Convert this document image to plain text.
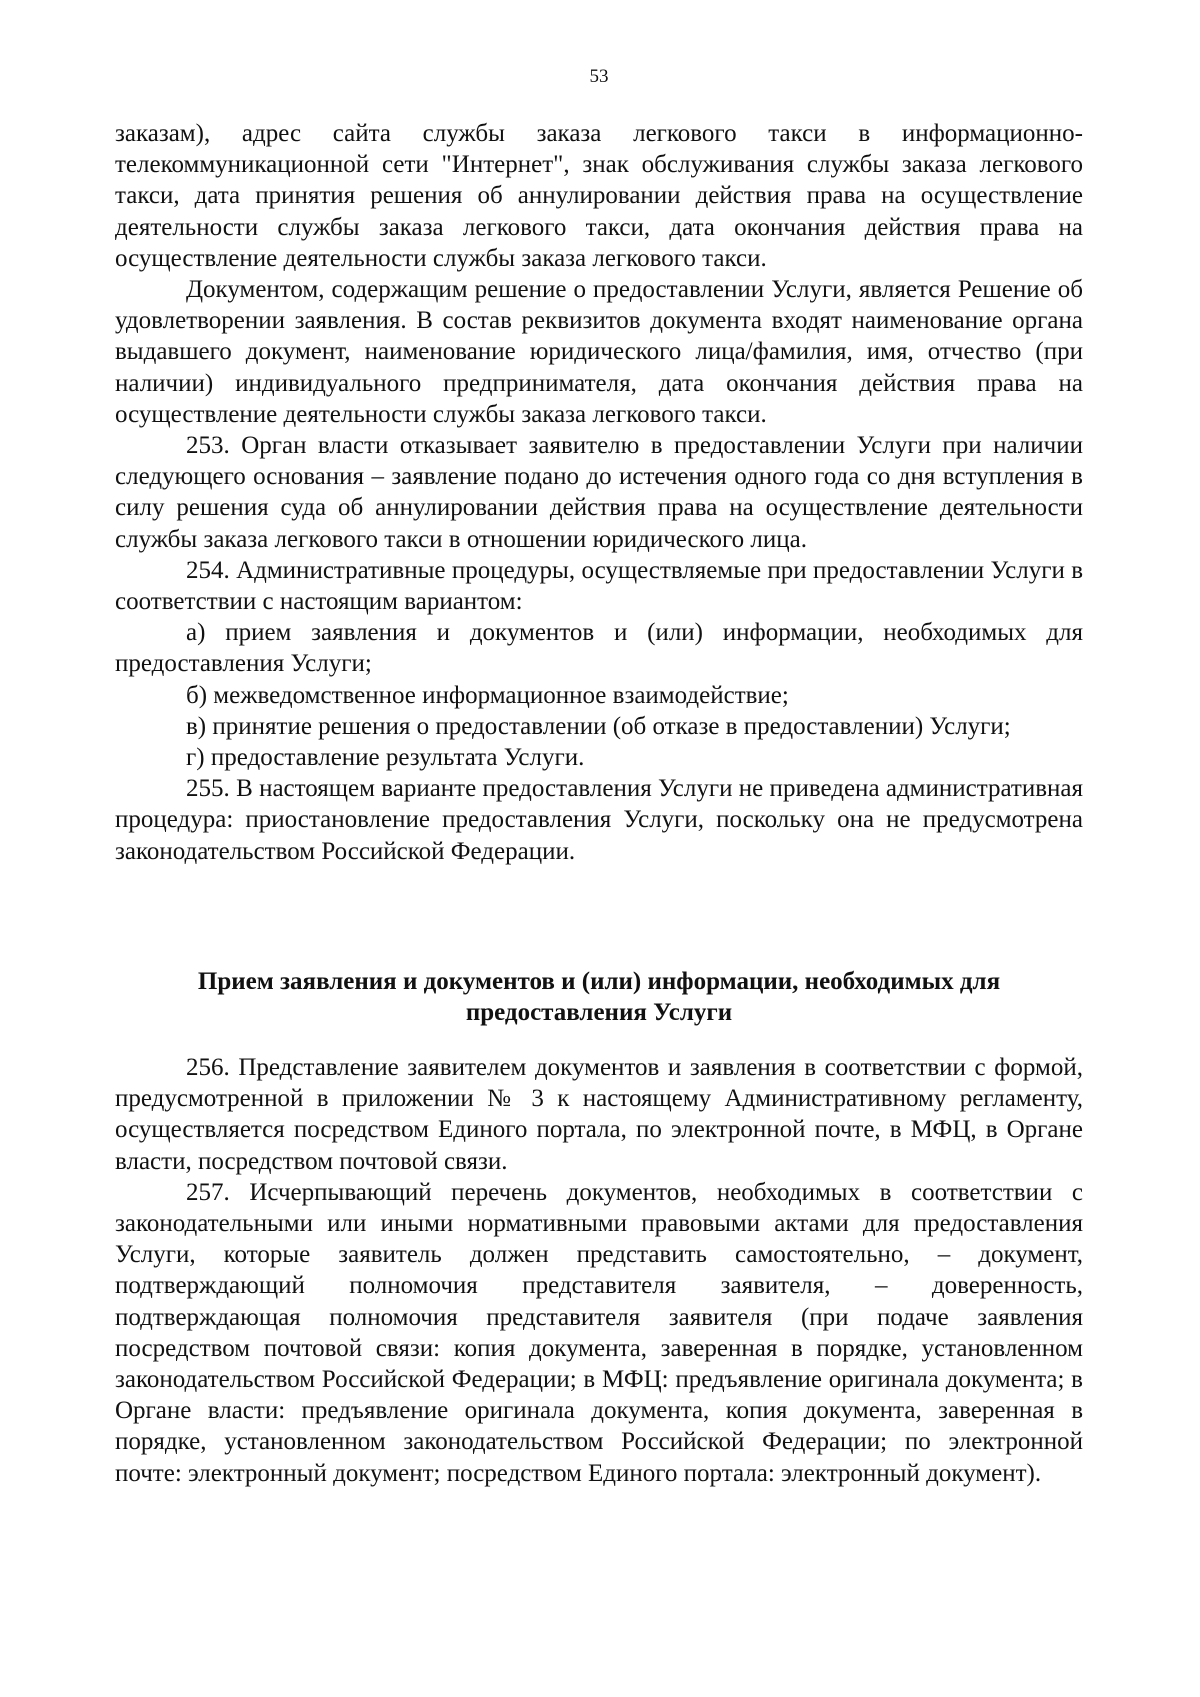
53

заказам), адрес сайта службы заказа легкового такси в информационно-телекоммуникационной сети "Интернет", знак обслуживания службы заказа легкового такси, дата принятия решения об аннулировании действия права на осуществление деятельности службы заказа легкового такси, дата окончания действия права на осуществление деятельности службы заказа легкового такси.

Документом, содержащим решение о предоставлении Услуги, является Решение об удовлетворении заявления. В состав реквизитов документа входят наименование органа выдавшего документ, наименование юридического лица/фамилия, имя, отчество (при наличии) индивидуального предпринимателя, дата окончания действия права на осуществление деятельности службы заказа легкового такси.

253. Орган власти отказывает заявителю в предоставлении Услуги при наличии следующего основания – заявление подано до истечения одного года со дня вступления в силу решения суда об аннулировании действия права на осуществление деятельности службы заказа легкового такси в отношении юридического лица.

254. Административные процедуры, осуществляемые при предоставлении Услуги в соответствии с настоящим вариантом:

а) прием заявления и документов и (или) информации, необходимых для предоставления Услуги;

б) межведомственное информационное взаимодействие;

в) принятие решения о предоставлении (об отказе в предоставлении) Услуги;

г) предоставление результата Услуги.

255. В настоящем варианте предоставления Услуги не приведена административная процедура: приостановление предоставления Услуги, поскольку она не предусмотрена законодательством Российской Федерации.

Прием заявления и документов и (или) информации, необходимых для
предоставления Услуги

256. Представление заявителем документов и заявления в соответствии с формой, предусмотренной в приложении № 3 к настоящему Административному регламенту, осуществляется посредством Единого портала, по электронной почте, в МФЦ, в Органе власти, посредством почтовой связи.

257. Исчерпывающий перечень документов, необходимых в соответствии с законодательными или иными нормативными правовыми актами для предоставления Услуги, которые заявитель должен представить самостоятельно, – документ, подтверждающий полномочия представителя заявителя, – доверенность, подтверждающая полномочия представителя заявителя (при подаче заявления посредством почтовой связи: копия документа, заверенная в порядке, установленном законодательством Российской Федерации; в МФЦ: предъявление оригинала документа; в Органе власти: предъявление оригинала документа, копия документа, заверенная в порядке, установленном законодательством Российской Федерации; по электронной почте: электронный документ; посредством Единого портала: электронный документ).
